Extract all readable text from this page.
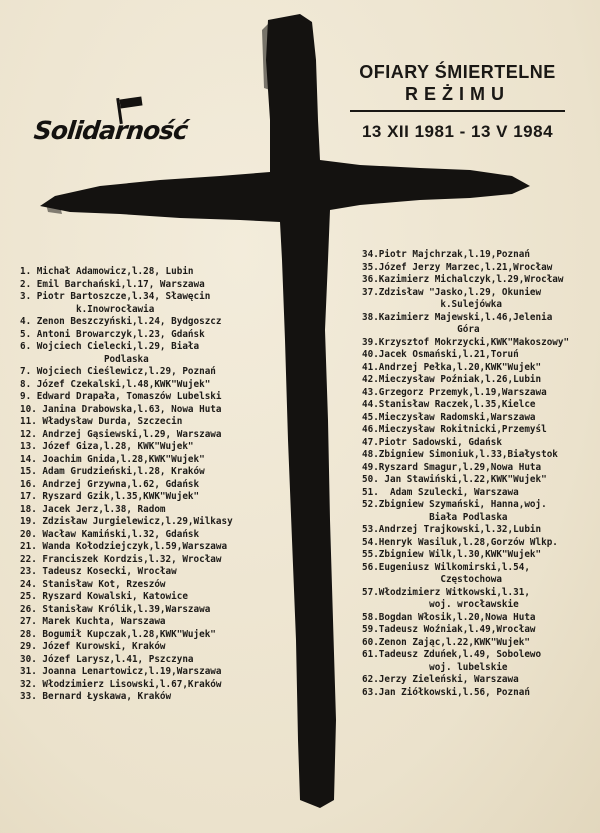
Solidarność
OFIARY ŚMIERTELNE
REŻIMU
13 XII 1981 - 13 V 1984
1. Michał Adamowicz,l.28, Lubin
2. Emil Barchański,l.17, Warszawa
3. Piotr Bartoszcze,l.34, Sławęcin
k.Inowrocławia
4. Zenon Beszczyński,l.24, Bydgoszcz
5. Antoni Browarczyk,l.23, Gdańsk
6. Wojciech Cielecki,l.29, Biała
Podlaska
7. Wojciech Cieślewicz,l.29, Poznań
8. Józef Czekalski,l.48,KWK"Wujek"
9. Edward Drapała, Tomaszów Lubelski
10. Janina Drabowska,l.63, Nowa Huta
11. Władysław Durda, Szczecin
12. Andrzej Gąsiewski,l.29, Warszawa
13. Józef Giza,l.28, KWK"Wujek"
14. Joachim Gnida,l.28,KWK"Wujek"
15. Adam Grudzieński,l.28, Kraków
16. Andrzej Grzywna,l.62, Gdańsk
17. Ryszard Gzik,l.35,KWK"Wujek"
18. Jacek Jerz,l.38, Radom
19. Zdzisław Jurgielewicz,l.29,Wilkasy
20. Wacław Kamiński,l.32, Gdańsk
21. Wanda Kołodziejczyk,l.59,Warszawa
22. Franciszek Kordzis,l.32, Wrocław
23. Tadeusz Kosecki, Wrocław
24. Stanisław Kot, Rzeszów
25. Ryszard Kowalski, Katowice
26. Stanisław Królik,l.39,Warszawa
27. Marek Kuchta, Warszawa
28. Bogumił Kupczak,l.28,KWK"Wujek"
29. Józef Kurowski, Kraków
30. Józef Larysz,l.41, Pszczyna
31. Joanna Lenartowicz,l.19,Warszawa
32. Włodzimierz Lisowski,l.67,Kraków
33. Bernard Łyskawa, Kraków
34.Piotr Majchrzak,l.19,Poznań
35.Józef Jerzy Marzec,l.21,Wrocław
36.Kazimierz Michalczyk,l.29,Wrocław
37.Zdzisław "Jasko,l.29, Okuniew
k.Sulejówka
38.Kazimierz Majewski,l.46,Jelenia
Góra
39.Krzysztof Mokrzycki,KWK"Makoszowy"
40.Jacek Osmański,l.21,Toruń
41.Andrzej Pełka,l.20,KWK"Wujek"
42.Mieczysław Poźniak,l.26,Lubin
43.Grzegorz Przemyk,l.19,Warszawa
44.Stanisław Raczek,l.35,Kielce
45.Mieczysław Radomski,Warszawa
46.Mieczysław Rokitnicki,Przemyśl
47.Piotr Sadowski, Gdańsk
48.Zbigniew Simoniuk,l.33,Białystok
49.Ryszard Smagur,l.29,Nowa Huta
50. Jan Stawiński,l.22,KWK"Wujek"
51.  Adam Szulecki, Warszawa
52.Zbigniew Szymański, Hanna,woj.
Biała Podlaska
53.Andrzej Trajkowski,l.32,Lubin
54.Henryk Wasiluk,l.28,Gorzów Wlkp.
55.Zbigniew Wilk,l.30,KWK"Wujek"
56.Eugeniusz Wilkomirski,l.54,
Częstochowa
57.Włodzimierz Witkowski,l.31,
woj. wrocławskie
58.Bogdan Włosik,l.20,Nowa Huta
59.Tadeusz Woźniak,l.49,Wrocław
60.Zenon Zając,l.22,KWK"Wujek"
61.Tadeusz Zduńek,l.49, Sobolewo
woj. lubelskie
62.Jerzy Zieleński, Warszawa
63.Jan Ziółkowski,l.56, Poznań
